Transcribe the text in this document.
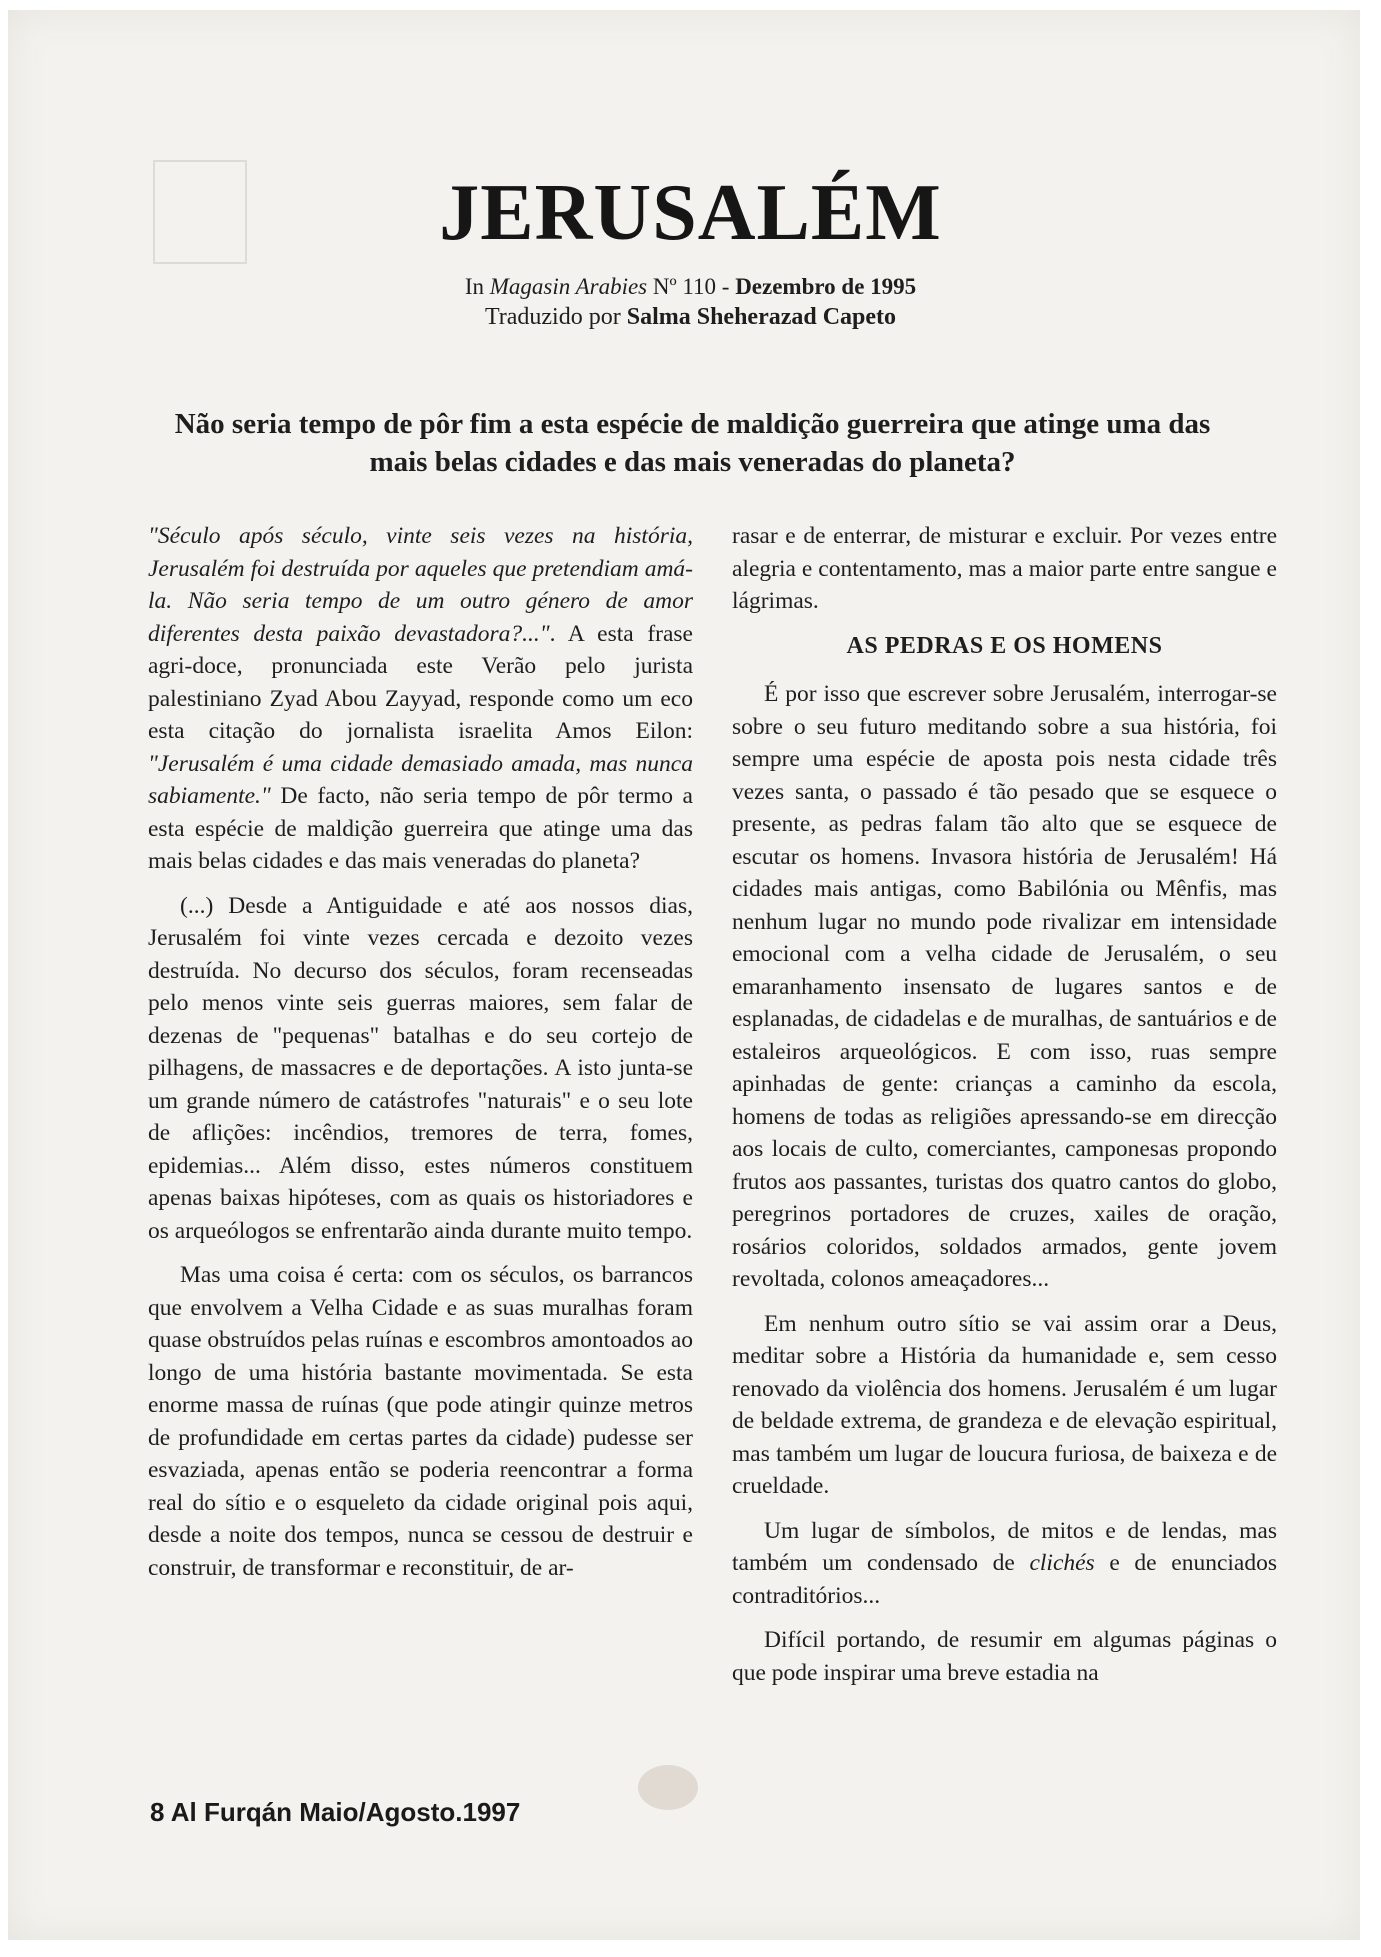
JERUSALÉM
In Magasin Arabies Nº 110 - Dezembro de 1995
Traduzido por Salma Sheherazad Capeto
Não seria tempo de pôr fim a esta espécie de maldição guerreira que atinge uma das mais belas cidades e das mais veneradas do planeta?

"Século após século, vinte seis vezes na história, Jerusalém foi destruída por aqueles que pretendiam amá-la. Não seria tempo de um outro género de amor diferentes desta paixão devastadora?...". A esta frase agri-doce, pronunciada este Verão pelo jurista palestiniano Zyad Abou Zayyad, responde como um eco esta citação do jornalista israelita Amos Eilon: "Jerusalém é uma cidade demasiado amada, mas nunca sabiamente." De facto, não seria tempo de pôr termo a esta espécie de maldição guerreira que atinge uma das mais belas cidades e das mais veneradas do planeta?

(...) Desde a Antiguidade e até aos nossos dias, Jerusalém foi vinte vezes cercada e dezoito vezes destruída. No decurso dos séculos, foram recenseadas pelo menos vinte seis guerras maiores, sem falar de dezenas de "pequenas" batalhas e do seu cortejo de pilhagens, de massacres e de deportações. A isto junta-se um grande número de catástrofes "naturais" e o seu lote de aflições: incêndios, tremores de terra, fomes, epidemias... Além disso, estes números constituem apenas baixas hipóteses, com as quais os historiadores e os arqueólogos se enfrentarão ainda durante muito tempo.

Mas uma coisa é certa: com os séculos, os barrancos que envolvem a Velha Cidade e as suas muralhas foram quase obstruídos pelas ruínas e escombros amontoados ao longo de uma história bastante movimentada. Se esta enorme massa de ruínas (que pode atingir quinze metros de profundidade em certas partes da cidade) pudesse ser esvaziada, apenas então se poderia reencontrar a forma real do sítio e o esqueleto da cidade original pois aqui, desde a noite dos tempos, nunca se cessou de destruir e construir, de transformar e reconstituir, de ar-

rasar e de enterrar, de misturar e excluir. Por vezes entre alegria e contentamento, mas a maior parte entre sangue e lágrimas.

AS PEDRAS E OS HOMENS

É por isso que escrever sobre Jerusalém, interrogar-se sobre o seu futuro meditando sobre a sua história, foi sempre uma espécie de aposta pois nesta cidade três vezes santa, o passado é tão pesado que se esquece o presente, as pedras falam tão alto que se esquece de escutar os homens. Invasora história de Jerusalém! Há cidades mais antigas, como Babilónia ou Mênfis, mas nenhum lugar no mundo pode rivalizar em intensidade emocional com a velha cidade de Jerusalém, o seu emaranhamento insensato de lugares santos e de esplanadas, de cidadelas e de muralhas, de santuários e de estaleiros arqueológicos. E com isso, ruas sempre apinhadas de gente: crianças a caminho da escola, homens de todas as religiões apressando-se em direcção aos locais de culto, comerciantes, camponesas propondo frutos aos passantes, turistas dos quatro cantos do globo, peregrinos portadores de cruzes, xailes de oração, rosários coloridos, soldados armados, gente jovem revoltada, colonos ameaçadores...

Em nenhum outro sítio se vai assim orar a Deus, meditar sobre a História da humanidade e, sem cesso renovado da violência dos homens. Jerusalém é um lugar de beldade extrema, de grandeza e de elevação espiritual, mas também um lugar de loucura furiosa, de baixeza e de crueldade.

Um lugar de símbolos, de mitos e de lendas, mas também um condensado de clichés e de enunciados contraditórios...

Difícil portando, de resumir em algumas páginas o que pode inspirar uma breve estadia na

8 Al Furqán Maio/Agosto.1997
